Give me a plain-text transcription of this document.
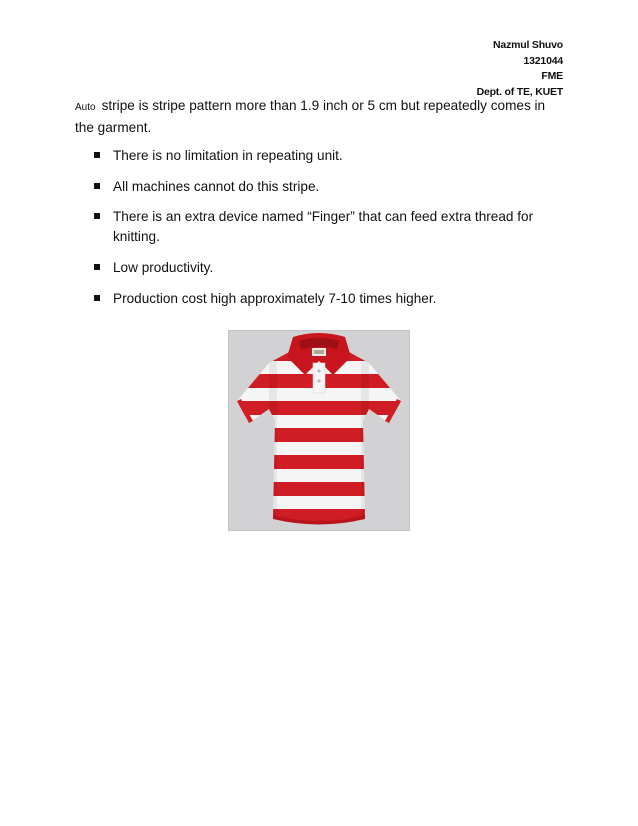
Nazmul Shuvo
1321044
FME
Dept. of TE, KUET
Auto stripe is stripe pattern more than 1.9 inch or 5 cm but repeatedly comes in the garment.
There is no limitation in repeating unit.
All machines cannot do this stripe.
There is an extra device named “Finger” that can feed extra thread for knitting.
Low productivity.
Production cost high approximately 7-10 times higher.
